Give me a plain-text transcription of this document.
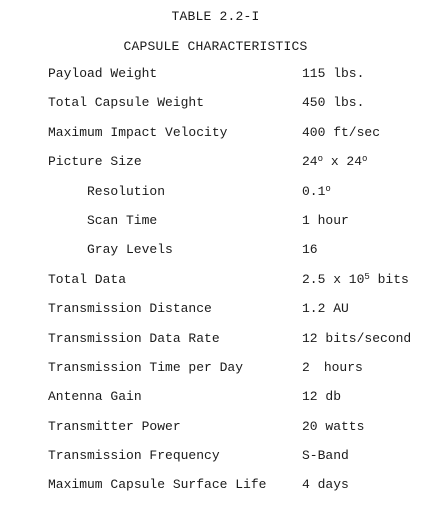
TABLE 2.2-I
CAPSULE CHARACTERISTICS
Payload Weight	115 lbs.
Total Capsule Weight	450 lbs.
Maximum Impact Velocity	400 ft/sec
Picture Size	24$^o$ x 24$^o$
Resolution	0.1$^o$
Scan Time	1 hour
Gray Levels	16
Total Data	2.5 x $10^5$ bits
Transmission Distance	1.2 AU
Transmission Data Rate	12 bits/second
Transmission Time per Day	2 hours
Antenna Gain	12 db
Transmitter Power	20 watts
Transmission Frequency	S-Band
Maximum Capsule Surface Life	4 days
